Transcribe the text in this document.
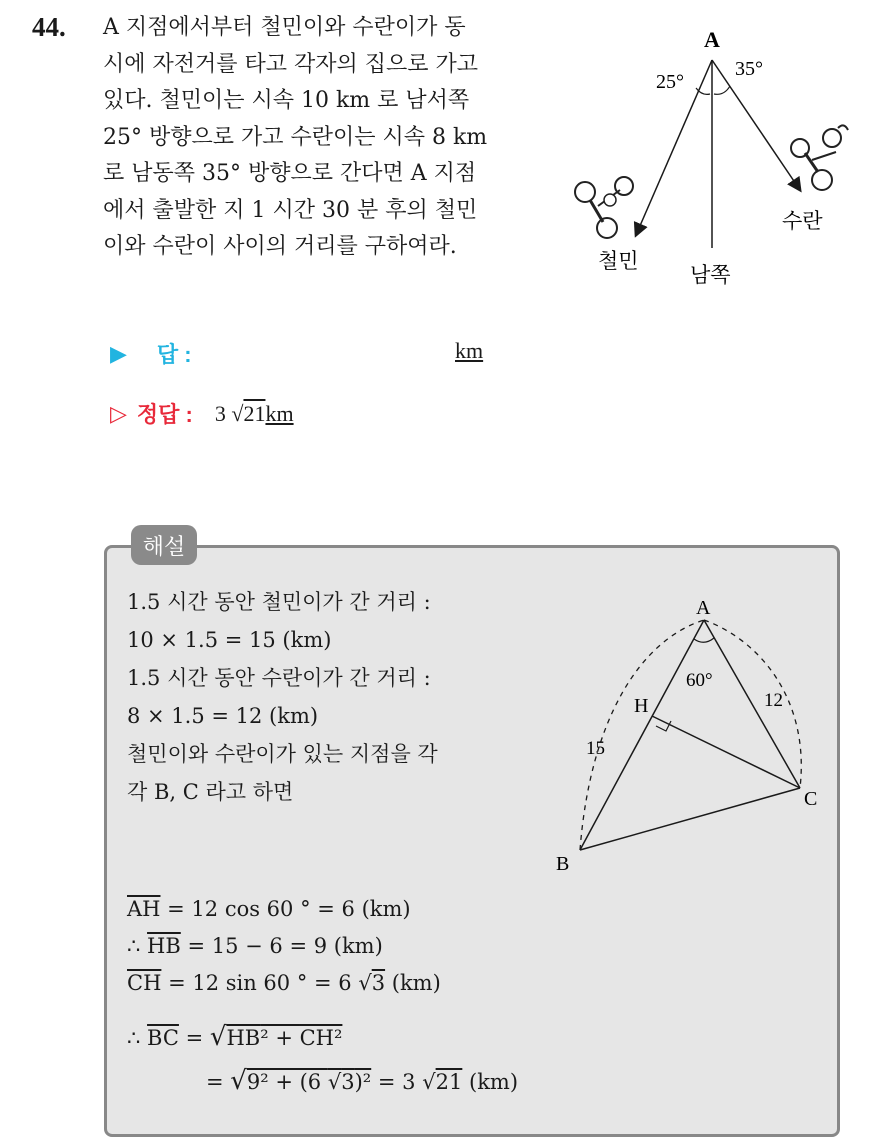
44. A 지점에서부터 철민이와 수란이가 동
시에 자전거를 타고 각자의 집으로 가고
있다. 철민이는 시속 10 km 로 남서쪽
25° 방향으로 가고 수란이는 시속 8 km
로 남동쪽 35° 방향으로 간다면 A 지점
에서 출발한 지 1 시간 30 분 후의 철민
이와 수란이 사이의 거리를 구하여라.

A
25°
35°
철민
수란
남쪽
▶ 답 :	km
▷ 정답 : 3 √21km
해설

1.5 시간 동안 철민이가 간 거리 :
10 × 1.5 = 15 (km)
1.5 시간 동안 수란이가 간 거리 :
8 × 1.5 = 12 (km)
철민이와 수란이가 있는 지점을 각
각 B, C 라고 하면

A
B
C
H
60°
15
12
$\overline{AH} = 12$ cos 60 ° = 6 (km)
∴ $\overline{HB} = 15 - 6 = 9$ (km)
$\overline{CH} = 12$ sin 60 ° = 6 √3 (km)
∴ $\overline{BC} = √HB^2 + CH^2$
= √9² + (6 √3)² = 3 √21 (km)
